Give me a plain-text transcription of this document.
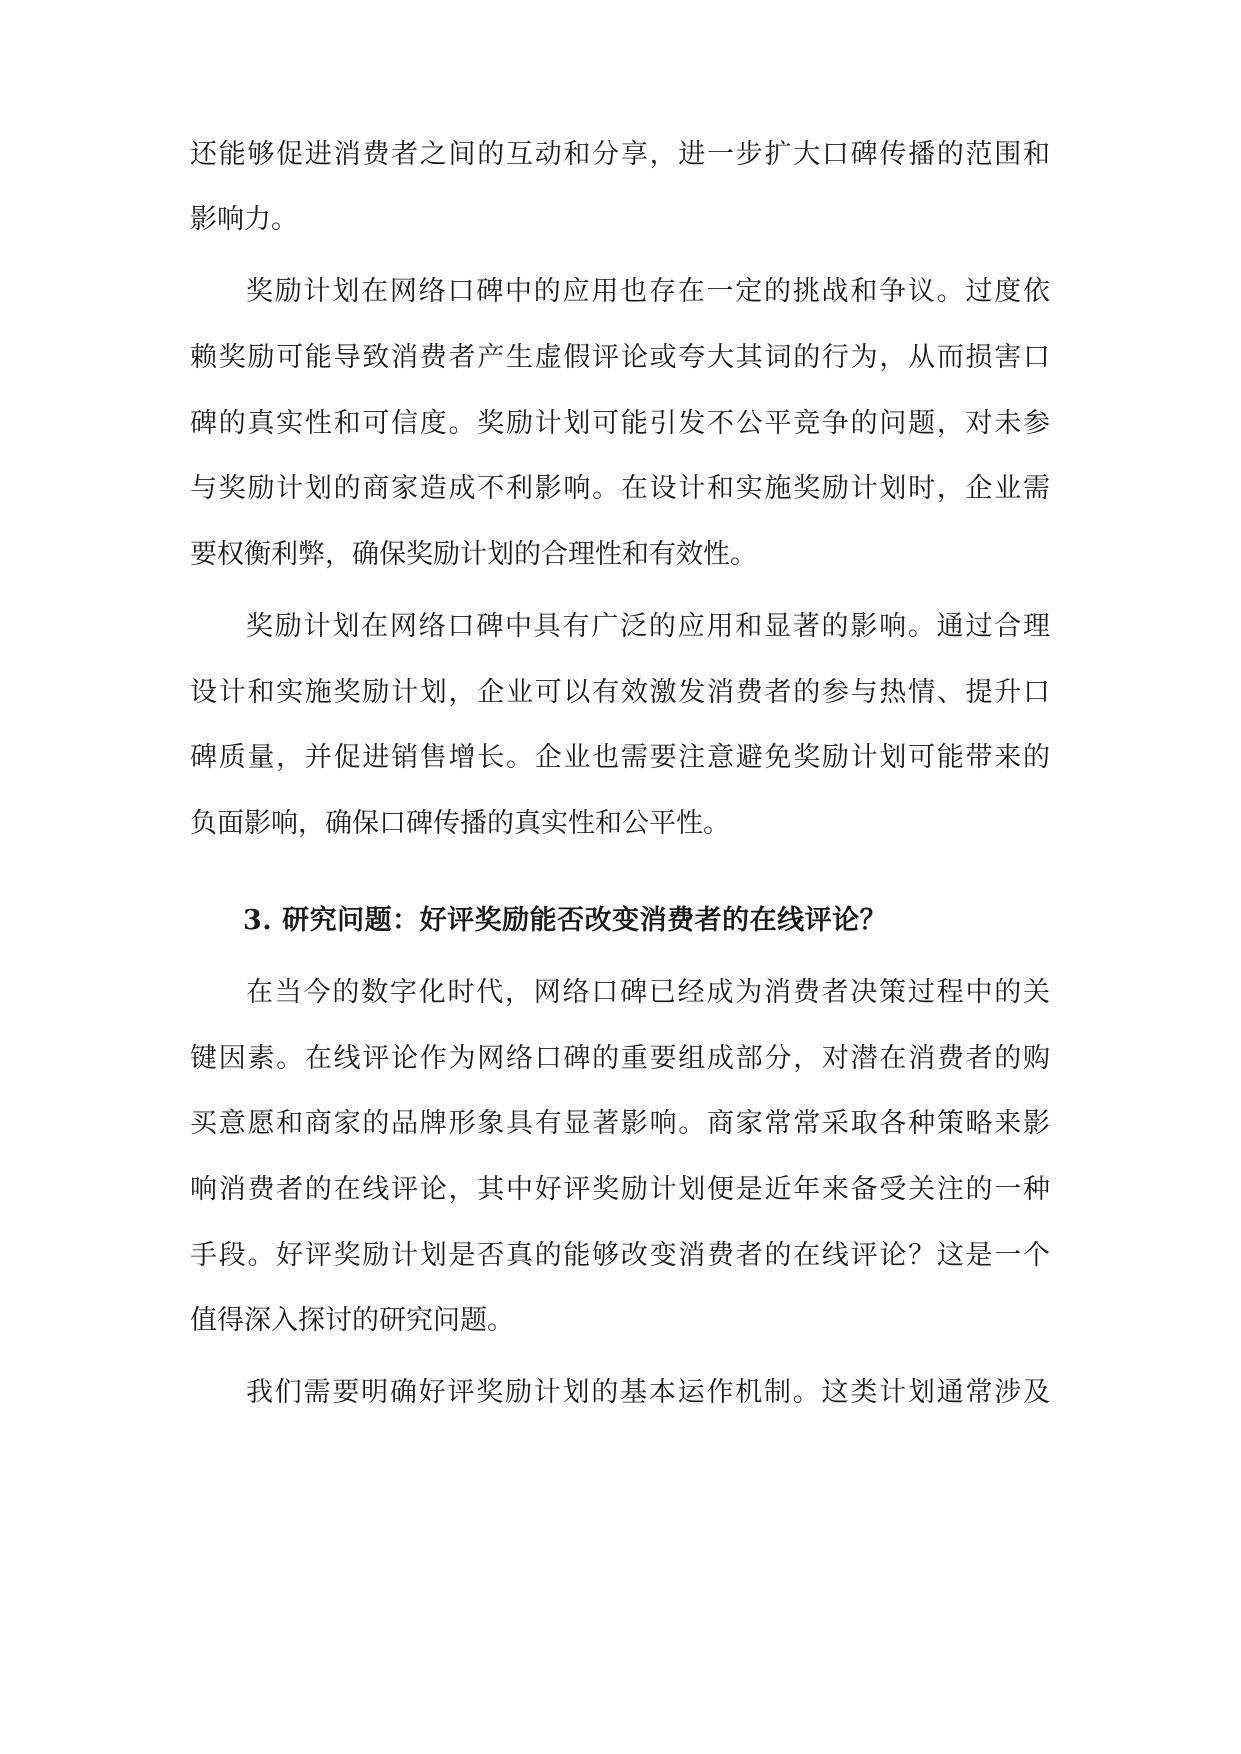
还能够促进消费者之间的互动和分享，进一步扩大口碑传播的范围和
影响力。
奖励计划在网络口碑中的应用也存在一定的挑战和争议。过度依
赖奖励可能导致消费者产生虚假评论或夸大其词的行为，从而损害口
碑的真实性和可信度。奖励计划可能引发不公平竞争的问题，对未参
与奖励计划的商家造成不利影响。在设计和实施奖励计划时，企业需
要权衡利弊，确保奖励计划的合理性和有效性。
奖励计划在网络口碑中具有广泛的应用和显著的影响。通过合理
设计和实施奖励计划，企业可以有效激发消费者的参与热情、提升口
碑质量，并促进销售增长。企业也需要注意避免奖励计划可能带来的
负面影响，确保口碑传播的真实性和公平性。
3. 研究问题：好评奖励能否改变消费者的在线评论？
在当今的数字化时代，网络口碑已经成为消费者决策过程中的关
键因素。在线评论作为网络口碑的重要组成部分，对潜在消费者的购
买意愿和商家的品牌形象具有显著影响。商家常常采取各种策略来影
响消费者的在线评论，其中好评奖励计划便是近年来备受关注的一种
手段。好评奖励计划是否真的能够改变消费者的在线评论？这是一个
值得深入探讨的研究问题。
我们需要明确好评奖励计划的基本运作机制。这类计划通常涉及
